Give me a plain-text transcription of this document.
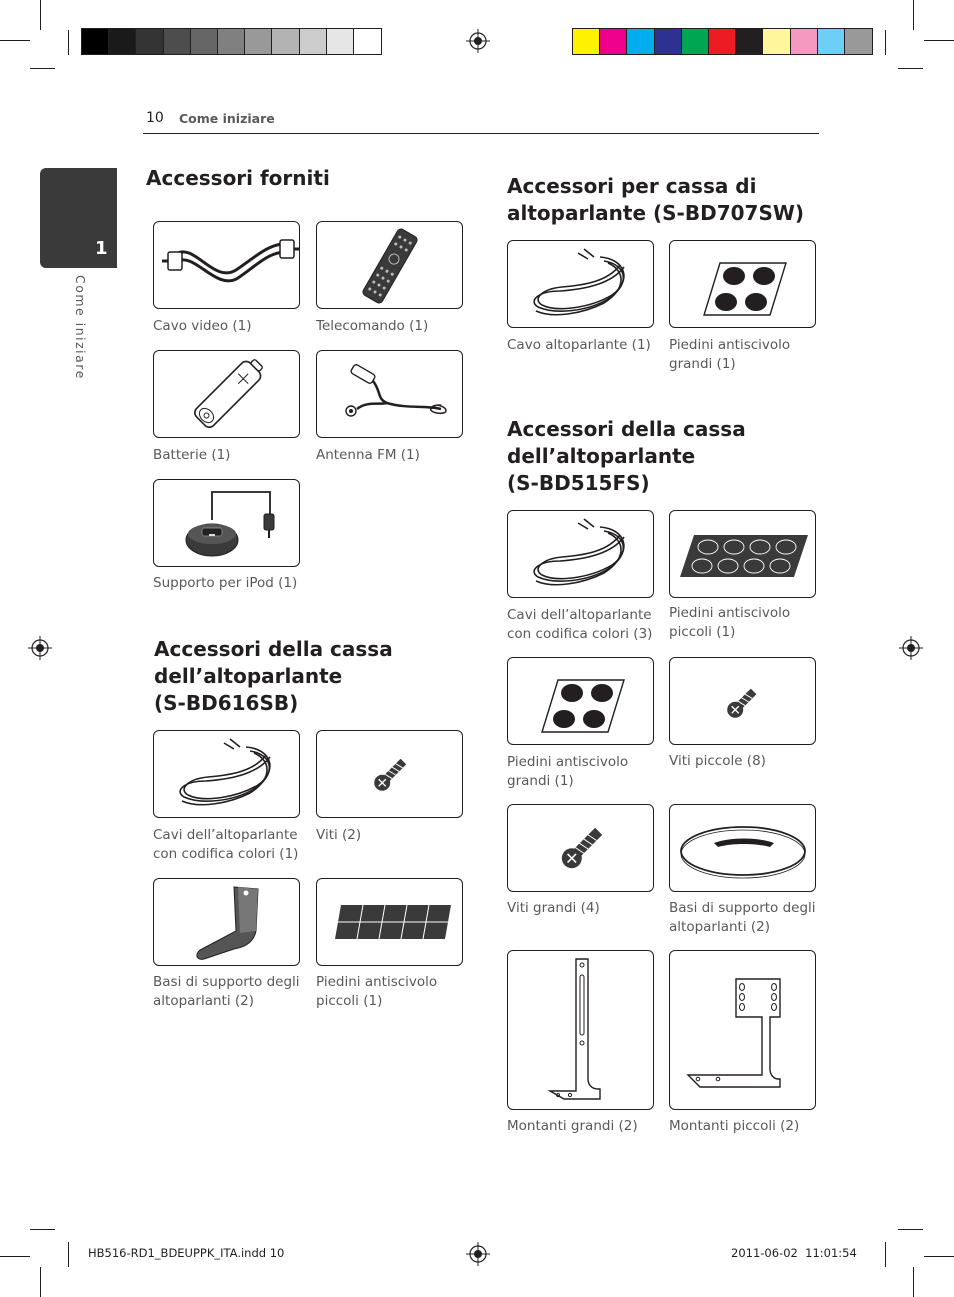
10 Come iniziare
1
Come iniziare
Accessori forniti
Accessori della cassa
dell’altoparlante
(S-BD616SB)
Accessori per cassa di
altoparlante (S-BD707SW)
Accessori della cassa
dell’altoparlante
(S-BD515FS)
Cavo video (1)	Telecomando (1)
Batterie (1)	Antenna FM (1)
Supporto per iPod (1)
Cavi dell’altoparlante
con codifica colori (1)
Viti (2)
Basi di supporto degli
altoparlanti (2)
Piedini antiscivolo
piccoli (1)
Cavo altoparlante (1) Piedini antiscivolo
grandi (1)
Cavi dell’altoparlante
con codifica colori (3)
Piedini antiscivolo
piccoli (1)
Piedini antiscivolo
grandi (1)
Viti piccole (8)
Viti grandi (4)	Basi di supporto degli
altoparlanti (2)
Montanti grandi (2) Montanti piccoli (2)
HB516-RD1_BDEUPPK_ITA.indd 10	2011-06-02 ￼ 11:01:54
